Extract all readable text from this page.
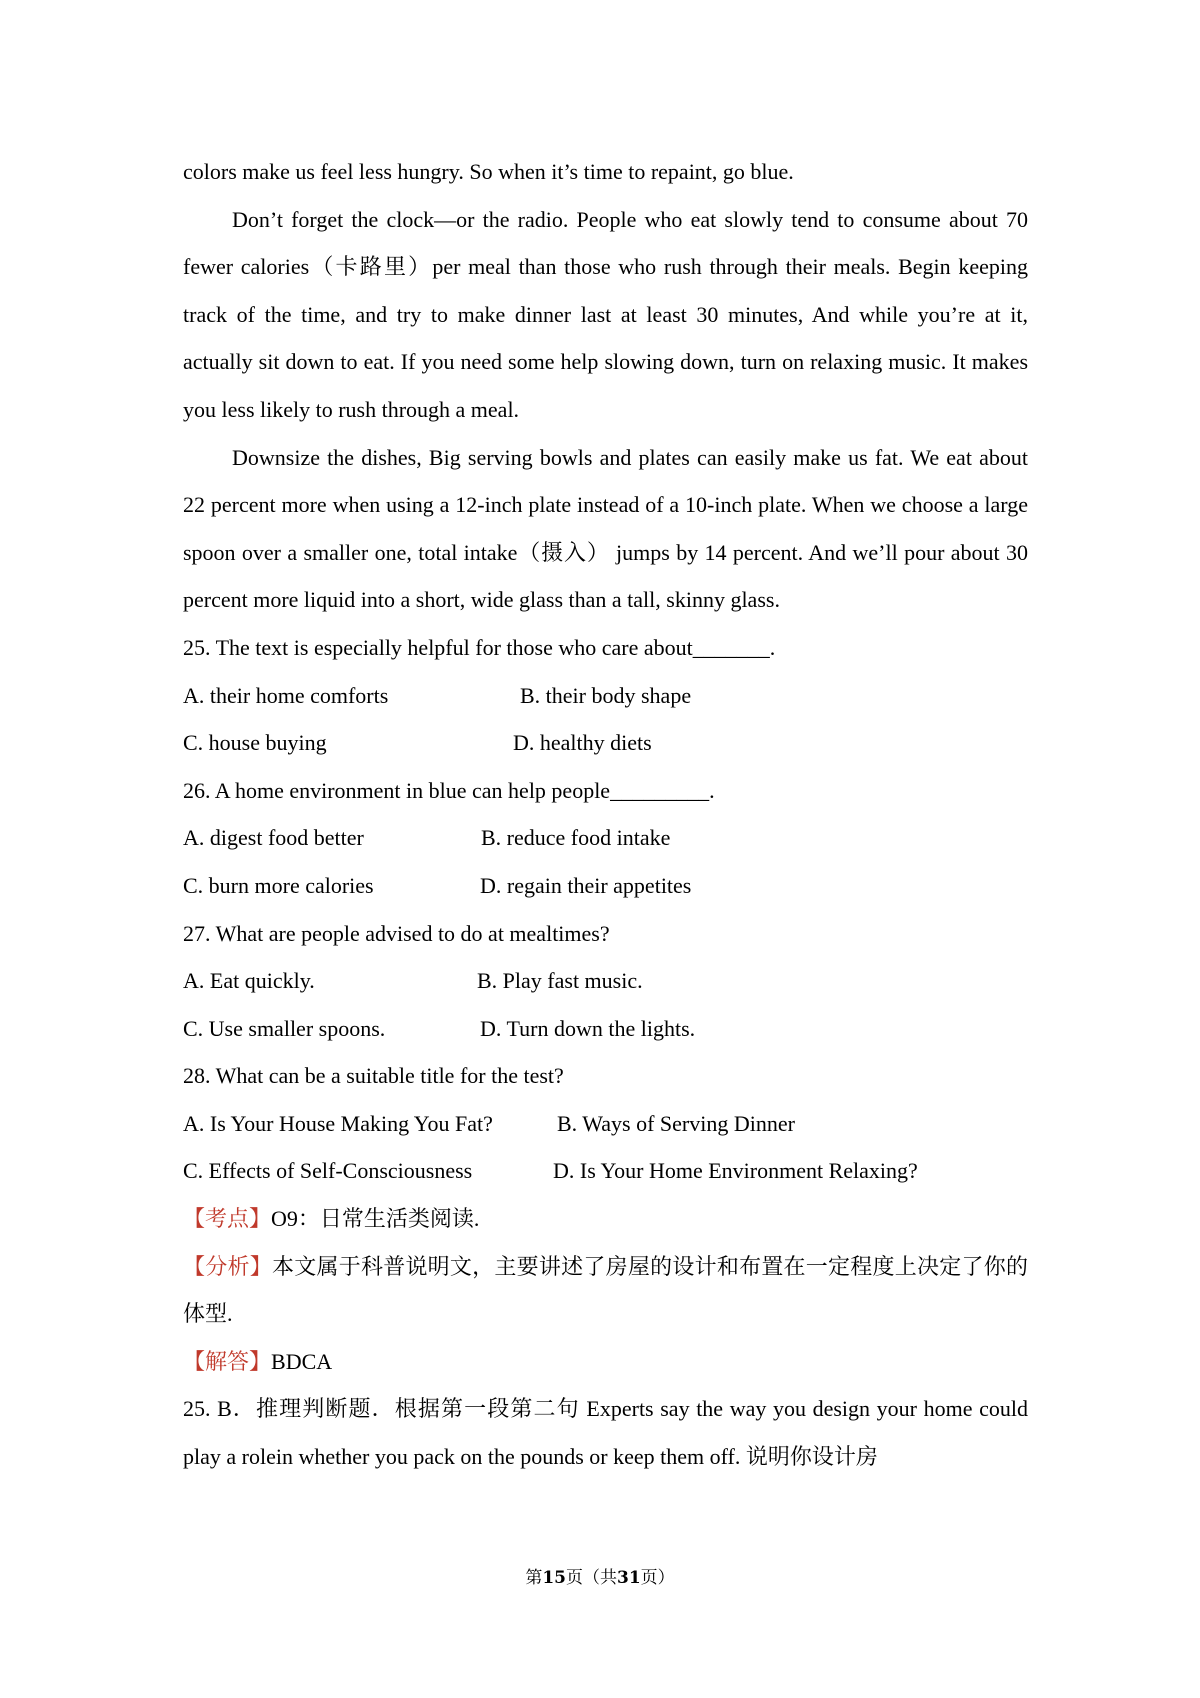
colors make us feel less hungry. So when it’s time to repaint, go blue.

Don’t forget the clock—or the radio. People who eat slowly tend to consume about 70 fewer calories（卡路里）per meal than those who rush through their meals. Begin keeping track of the time, and try to make dinner last at least 30 minutes, And while you’re at it, actually sit down to eat. If you need some help slowing down, turn on relaxing music. It makes you less likely to rush through a meal.

Downsize the dishes, Big serving bowls and plates can easily make us fat. We eat about 22 percent more when using a 12-inch plate instead of a 10-inch plate. When we choose a large spoon over a smaller one, total intake（摄入） jumps by 14 percent. And we’ll pour about 30 percent more liquid into a short, wide glass than a tall, skinny glass.

25. The text is especially helpful for those who care about_______.
A. their home comforts	B. their body shape
C. house buying	D. healthy diets
26. A home environment in blue can help people_________.
A. digest food better	B. reduce food intake
C. burn more calories	D. regain their appetites
27. What are people advised to do at mealtimes?
A. Eat quickly.	B. Play fast music.
C. Use smaller spoons.	D. Turn down the lights.
28. What can be a suitable title for the test?
A. Is Your House Making You Fat?	B. Ways of Serving Dinner
C. Effects of Self-Consciousness	D. Is Your Home Environment Relaxing?
【考点】O9：日常生活类阅读.

【分析】本文属于科普说明文，主要讲述了房屋的设计和布置在一定程度上决定了你的体型.

【解答】BDCA

25. B．推理判断题．根据第一段第二句 Experts say the way you design your home could play a rolein whether you pack on the pounds or keep them off. 说明你设计房

第15页（共31页）
